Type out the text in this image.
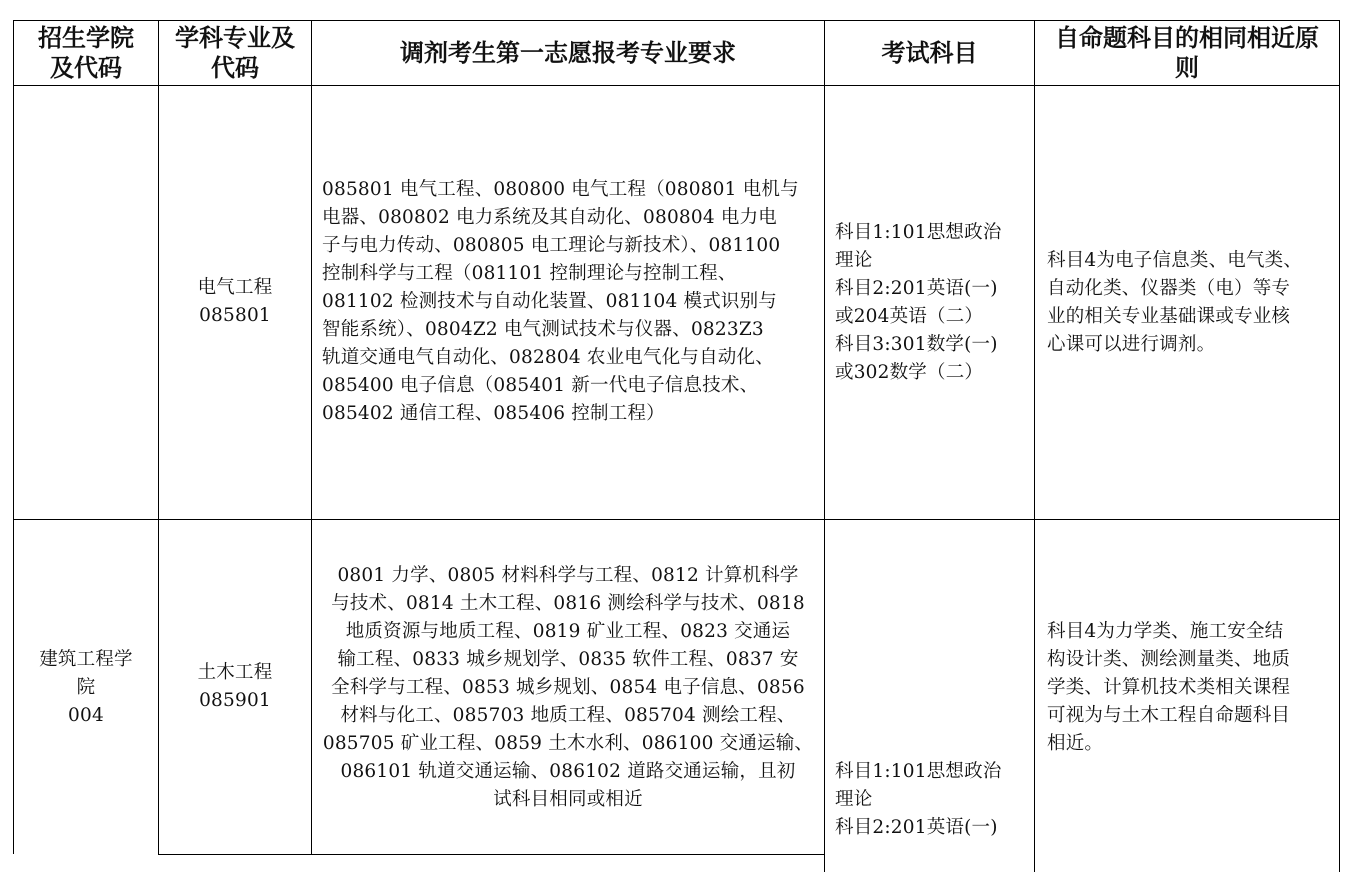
招生学院
及代码
学科专业及
代码
调剂考生第一志愿报考专业要求	考试科目
自命题科目的相同相近原
则
电气工程
085801
085801 电气工程、080800 电气工程（080801 电机与
电器、080802 电力系统及其自动化、080804 电力电
子与电力传动、080805 电工理论与新技术）、081100
控制科学与工程（081101 控制理论与控制工程、
081102 检测技术与自动化装置、081104 模式识别与
智能系统）、0804Z2 电气测试技术与仪器、0823Z3
轨道交通电气自动化、082804 农业电气化与自动化、
085400 电子信息（085401 新一代电子信息技术、
085402 通信工程、085406 控制工程）
科目1:101思想政治
理论
科目2:201英语(一)
或204英语（二）
科目3:301数学(一)
或302数学（二）
科目4为电子信息类、电气类、
自动化类、仪器类（电）等专
业的相关专业基础课或专业核
心课可以进行调剂。
建筑工程学
院
004
土木工程
085901
0801 力学、0805 材料科学与工程、0812 计算机科学
与技术、0814 土木工程、0816 测绘科学与技术、0818
地质资源与地质工程、0819 矿业工程、0823 交通运
输工程、0833 城乡规划学、0835 软件工程、0837 安
全科学与工程、0853 城乡规划、0854 电子信息、0856
材料与化工、085703 地质工程、085704 测绘工程、
085705 矿业工程、0859 土木水利、086100 交通运输、
086101 轨道交通运输、086102 道路交通运输，且初
试科目相同或相近
科目1:101思想政治
理论
科目2:201英语(一)
科目4为力学类、施工安全结
构设计类、测绘测量类、地质
学类、计算机技术类相关课程
可视为与土木工程自命题科目
相近。
